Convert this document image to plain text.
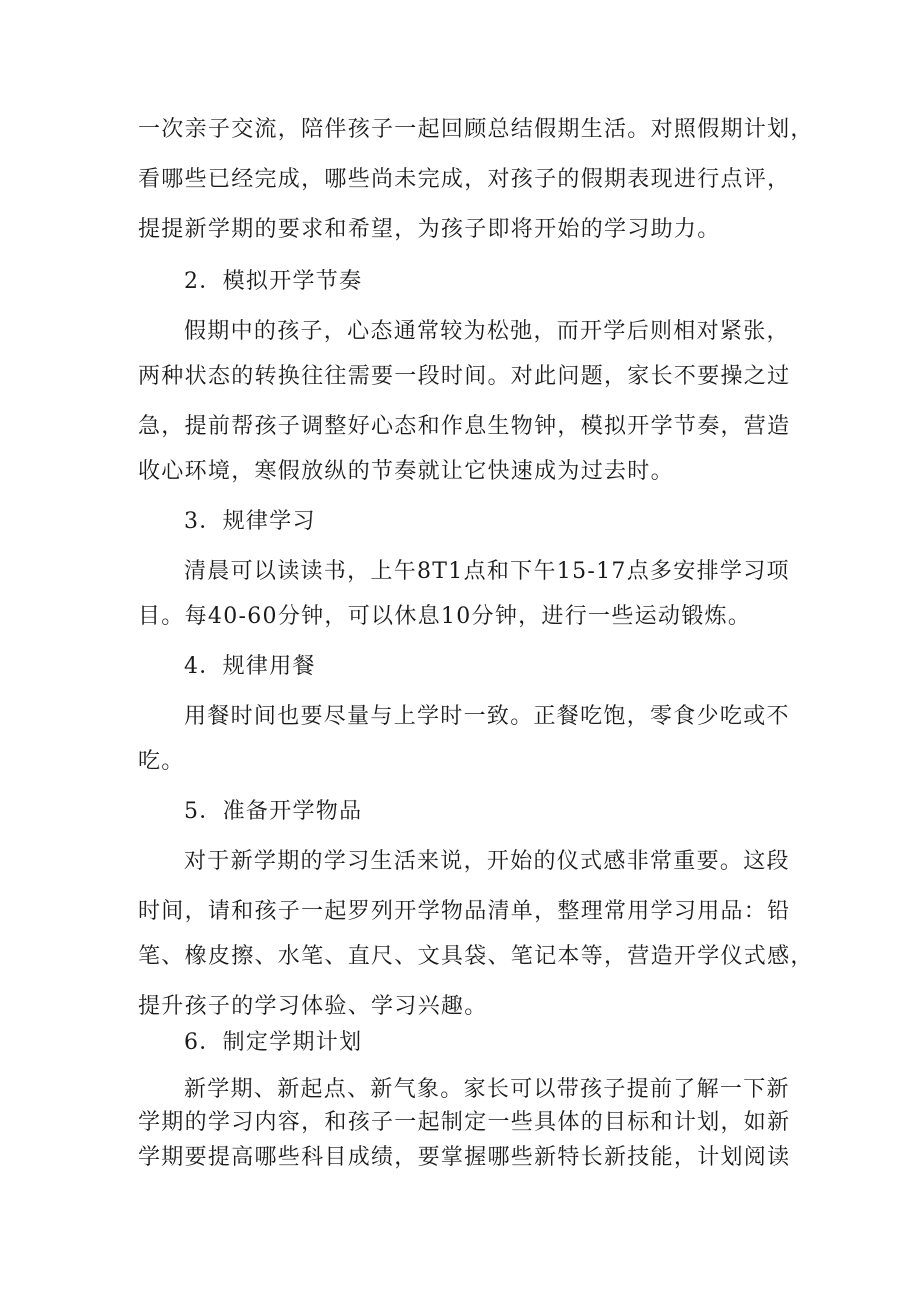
一次亲子交流，陪伴孩子一起回顾总结假期生活。对照假期计划，
看哪些已经完成，哪些尚未完成，对孩子的假期表现进行点评，
提提新学期的要求和希望，为孩子即将开始的学习助力。
2．模拟开学节奏
假期中的孩子，心态通常较为松弛，而开学后则相对紧张，
两种状态的转换往往需要一段时间。对此问题，家长不要操之过
急，提前帮孩子调整好心态和作息生物钟，模拟开学节奏，营造
收心环境，寒假放纵的节奏就让它快速成为过去时。
3．规律学习
清晨可以读读书，上午8T1点和下午15-17点多安排学习项
目。每40-60分钟，可以休息10分钟，进行一些运动锻炼。
4．规律用餐
用餐时间也要尽量与上学时一致。正餐吃饱，零食少吃或不
吃。
5．准备开学物品
对于新学期的学习生活来说，开始的仪式感非常重要。这段
时间，请和孩子一起罗列开学物品清单，整理常用学习用品：铅
笔、橡皮擦、水笔、直尺、文具袋、笔记本等，营造开学仪式感，
提升孩子的学习体验、学习兴趣。
6．制定学期计划
新学期、新起点、新气象。家长可以带孩子提前了解一下新
学期的学习内容，和孩子一起制定一些具体的目标和计划，如新
学期要提高哪些科目成绩，要掌握哪些新特长新技能，计划阅读
